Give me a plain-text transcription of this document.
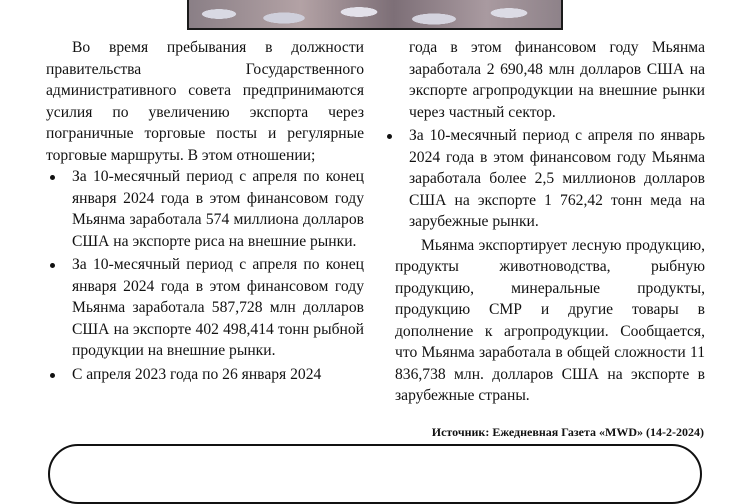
Во время пребывания в должности правительства Государственного административного совета предпринимаются усилия по увеличению экспорта через пограничные торговые посты и регулярные торговые маршруты. В этом отношении;

За 10-месячный период с апреля по конец января 2024 года в этом финансовом году Мьянма заработала 574 миллиона долларов США на экспорте риса на внешние рынки.
За 10-месячный период с апреля по конец января 2024 года в этом финансовом году Мьянма заработала 587,728 млн долларов США на экспорте 402 498,414 тонн рыбной продукции на внешние рынки.
С апреля 2023 года по 26 января 2024

года в этом финансовом году Мьянма заработала 2 690,48 млн долларов США на экспорте агропродукции на внешние рынки через частный сектор.

За 10-месячный период с апреля по январь 2024 года в этом финансовом году Мьянма заработала более 2,5 миллионов долларов США на экспорте 1 762,42 тонн меда на зарубежные рынки.

Мьянма экспортирует лесную продукцию, продукты животноводства, рыбную продукцию, минеральные продукты, продукцию СМР и другие товары в дополнение к агропродукции. Сообщается, что Мьянма заработала в общей сложности 11 836,738 млн. долларов США на экспорте в зарубежные страны.

Источник: Ежедневная Газета «MWD» (14-2-2024)
